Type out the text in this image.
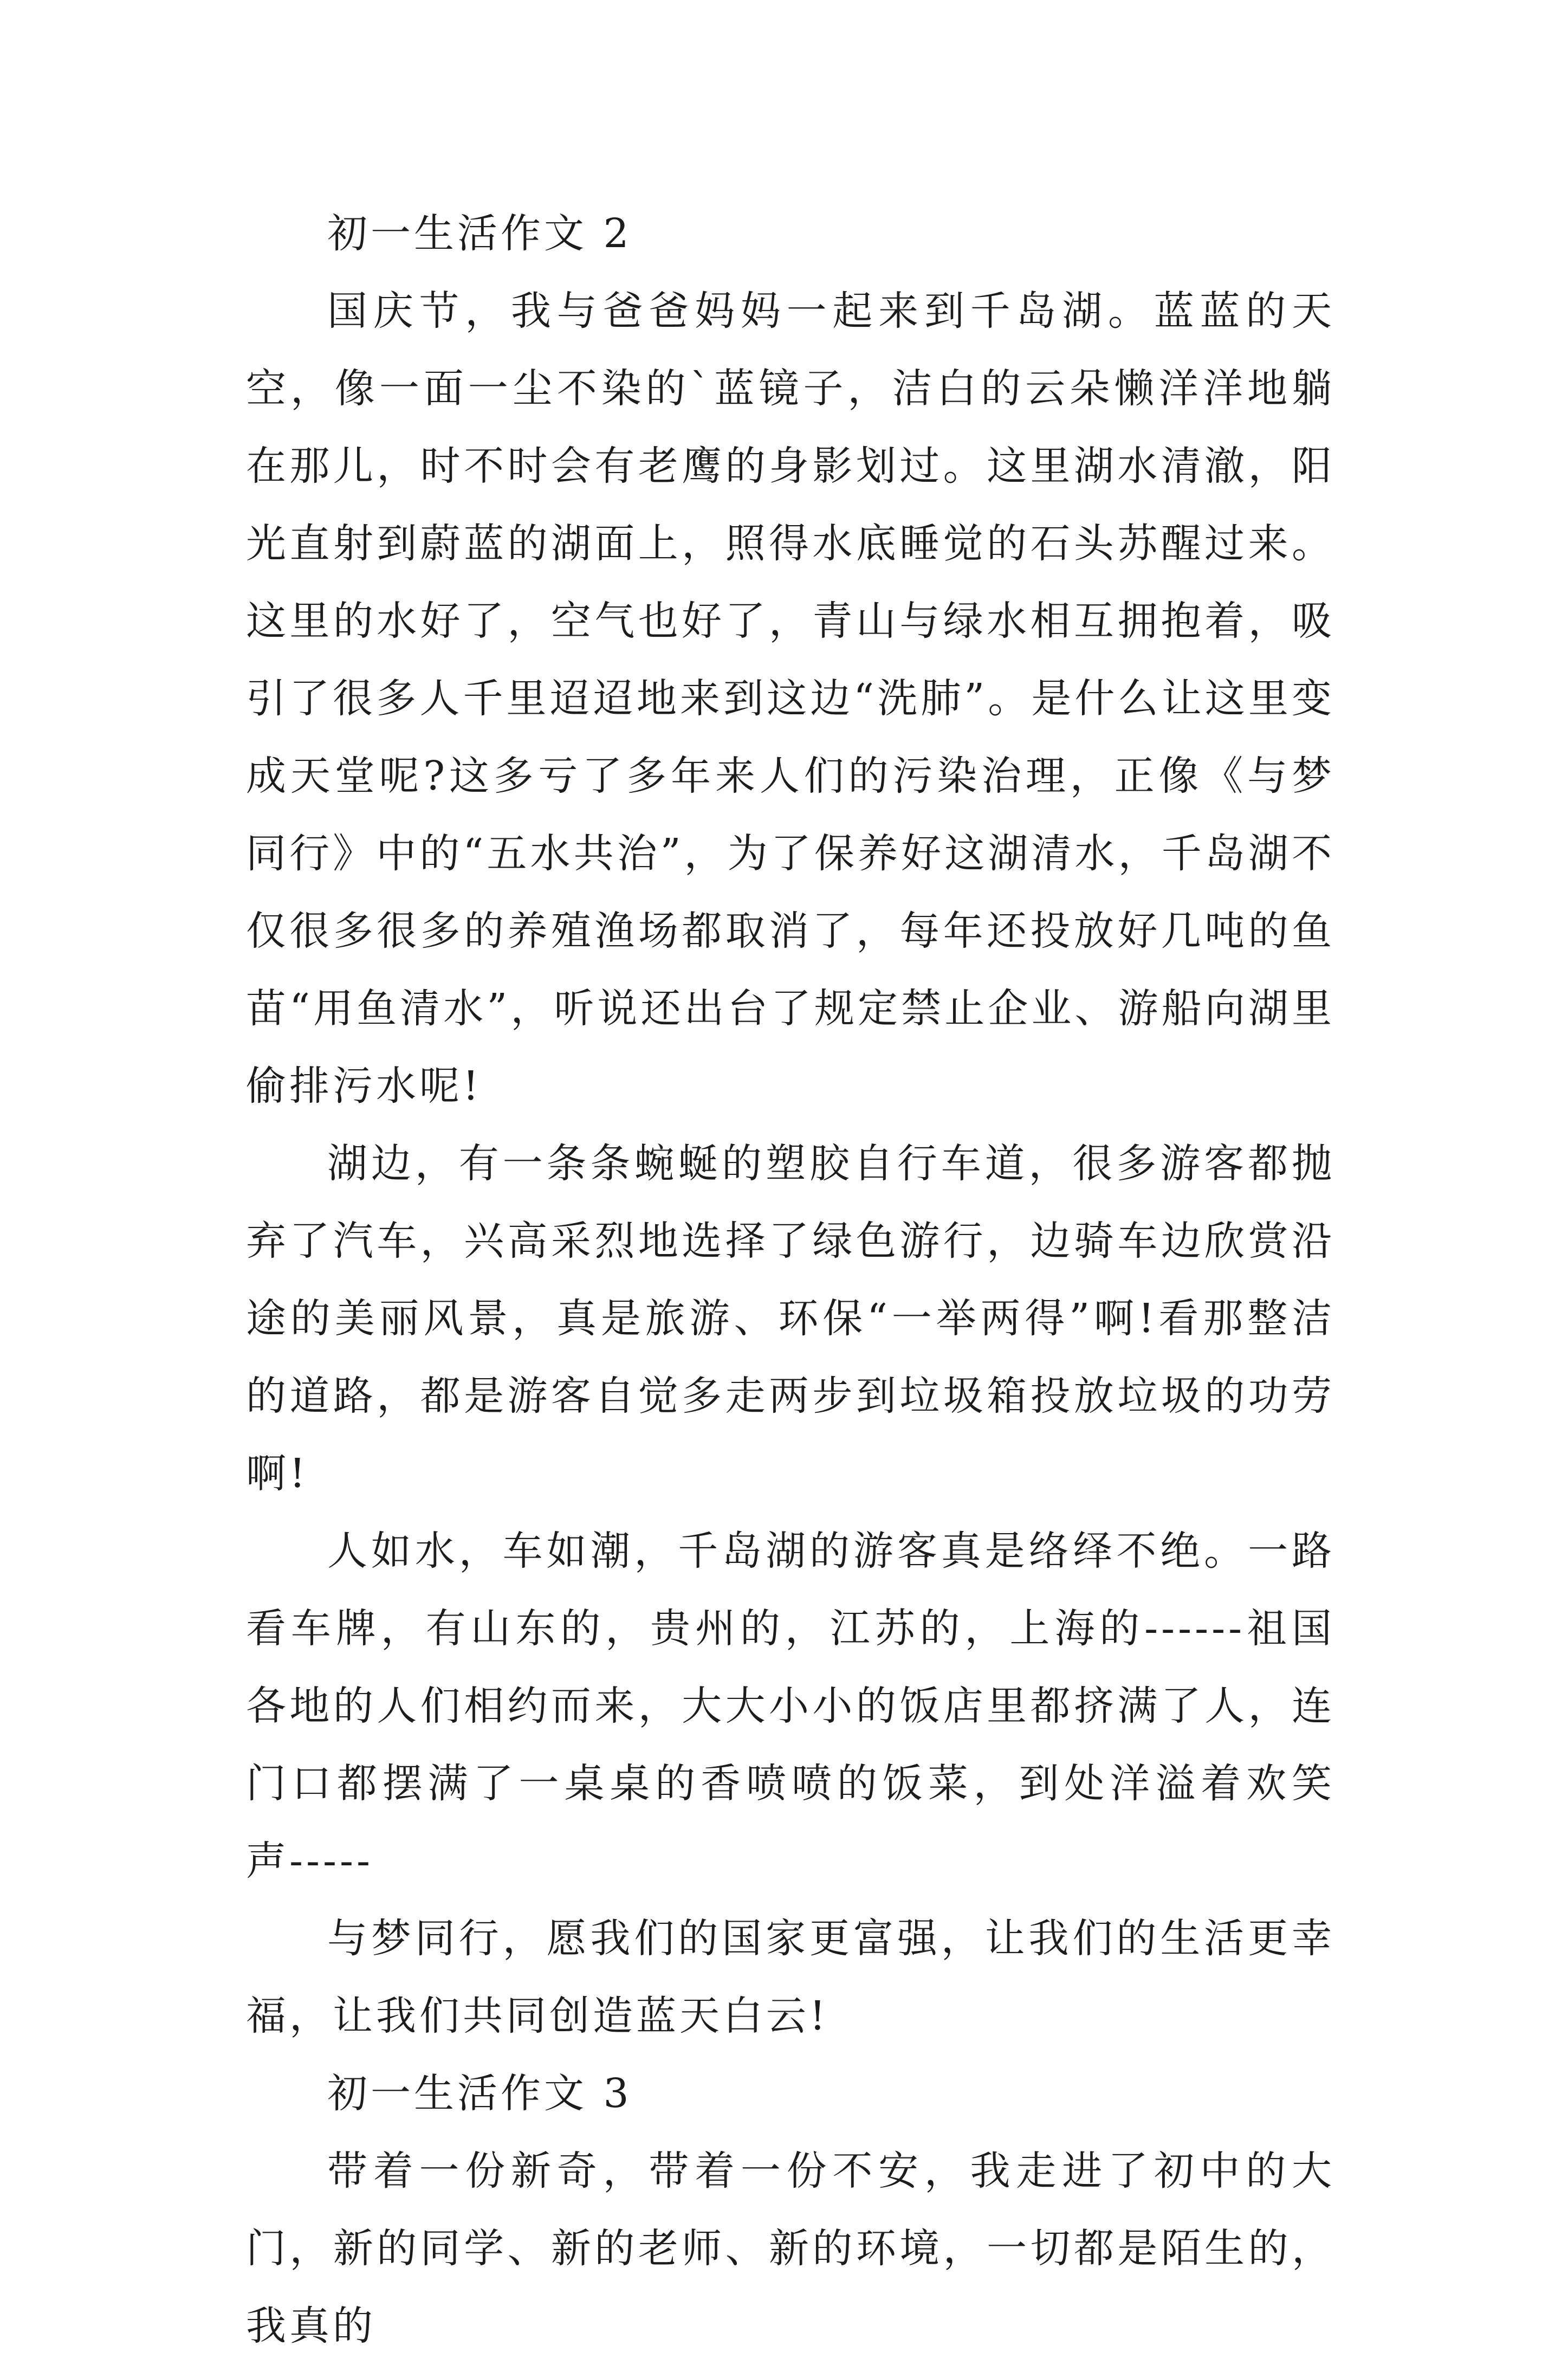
初一生活作文 2

国庆节，我与爸爸妈妈一起来到千岛湖。蓝蓝的天空，像一面一尘不染的`蓝镜子，洁白的云朵懒洋洋地躺在那儿，时不时会有老鹰的身影划过。这里湖水清澈，阳光直射到蔚蓝的湖面上，照得水底睡觉的石头苏醒过来。这里的水好了，空气也好了，青山与绿水相互拥抱着，吸引了很多人千里迢迢地来到这边“洗肺”。是什么让这里变成天堂呢?这多亏了多年来人们的污染治理，正像《与梦同行》中的“五水共治”，为了保养好这湖清水，千岛湖不仅很多很多的养殖渔场都取消了，每年还投放好几吨的鱼苗“用鱼清水”，听说还出台了规定禁止企业、游船向湖里偷排污水呢!

湖边，有一条条蜿蜒的塑胶自行车道，很多游客都抛弃了汽车，兴高采烈地选择了绿色游行，边骑车边欣赏沿途的美丽风景，真是旅游、环保“一举两得”啊!看那整洁的道路，都是游客自觉多走两步到垃圾箱投放垃圾的功劳啊!

人如水，车如潮，千岛湖的游客真是络绎不绝。一路看车牌，有山东的，贵州的，江苏的，上海的------祖国各地的人们相约而来，大大小小的饭店里都挤满了人，连门口都摆满了一桌桌的香喷喷的饭菜，到处洋溢着欢笑声-----

与梦同行，愿我们的国家更富强，让我们的生活更幸福，让我们共同创造蓝天白云!

初一生活作文 3

带着一份新奇，带着一份不安，我走进了初中的大门，新的同学、新的老师、新的环境，一切都是陌生的，我真的
